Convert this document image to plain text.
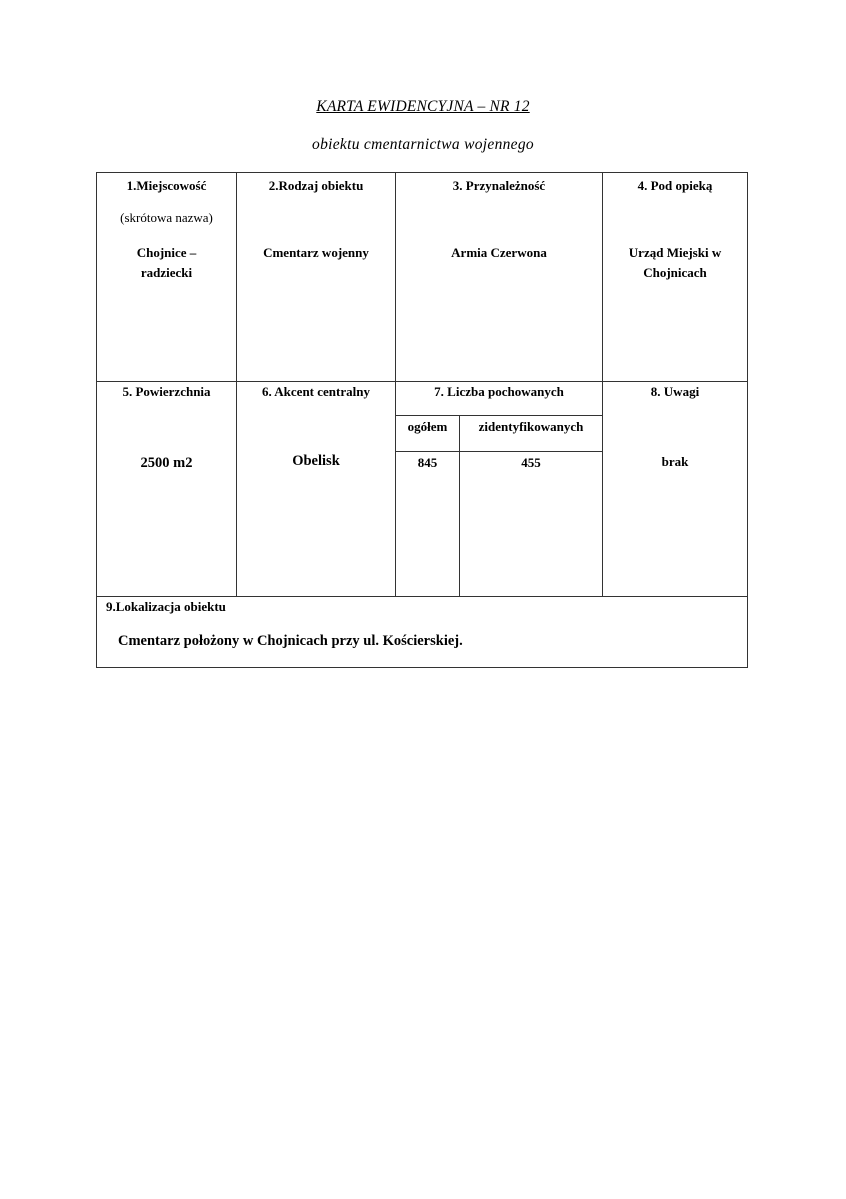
KARTA EWIDENCYJNA – NR 12
obiektu cmentarnictwa wojennego
1.Miejscowość
(skrótowa nazwa)
Chojnice –
radziecki
2.Rodzaj obiektu
Cmentarz wojenny
3. Przynależność
Armia Czerwona
4. Pod opieką
Urząd Miejski w
Chojnicach
5. Powierzchnia
2500 m2
6. Akcent centralny
Obelisk
7. Liczba pochowanych
ogółem	zidentyfikowanych
845	455
8. Uwagi
brak
9.Lokalizacja obiektu
Cmentarz położony w Chojnicach przy ul. Kościerskiej.
